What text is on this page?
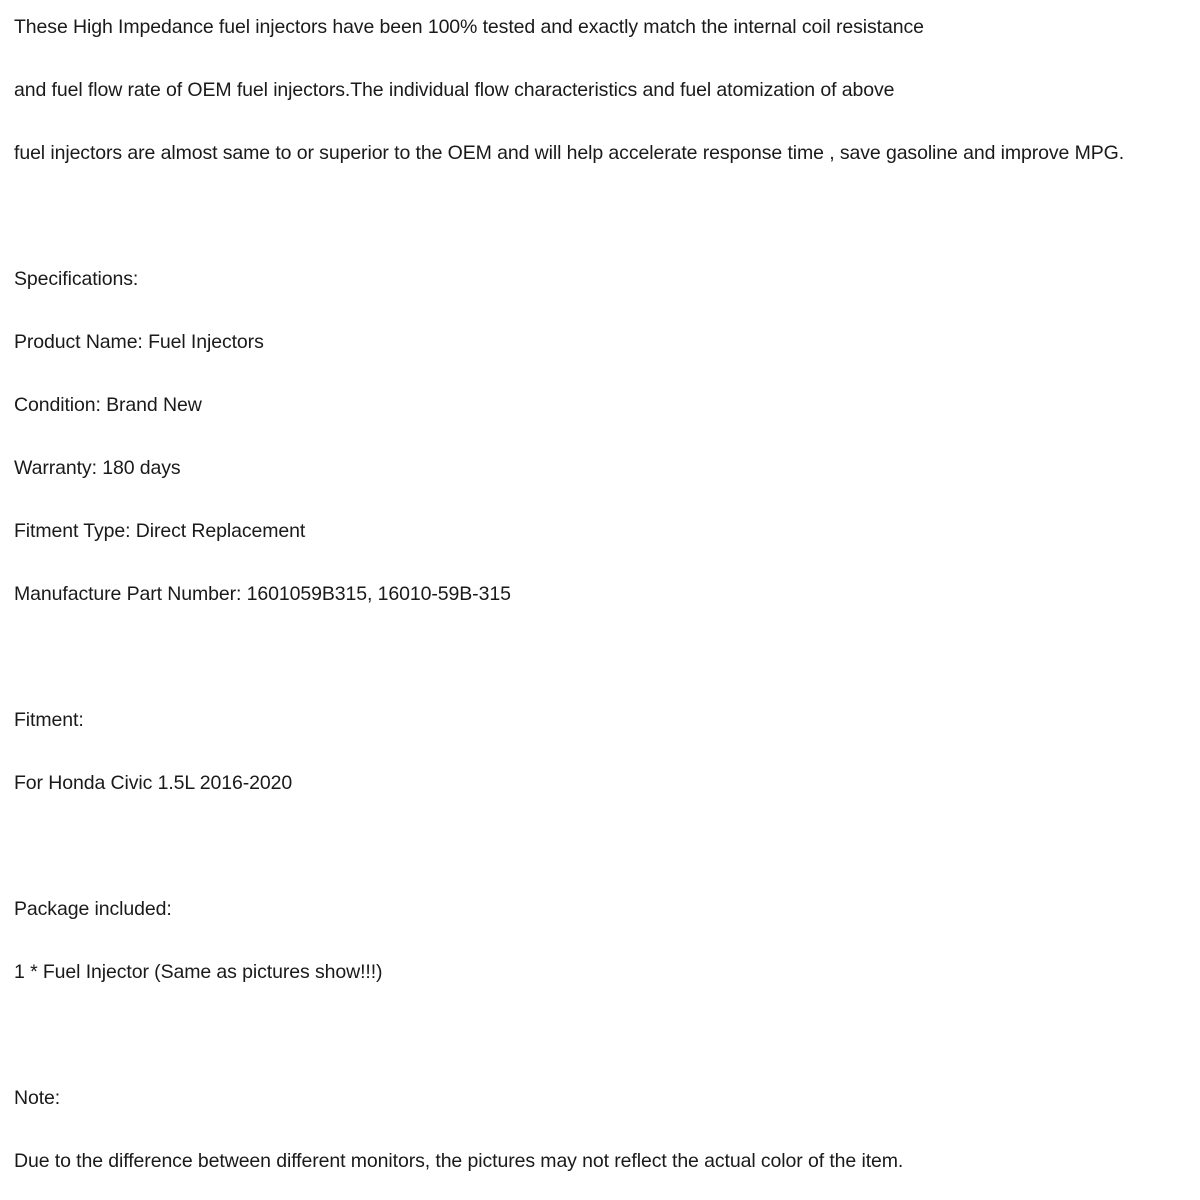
These High Impedance fuel injectors have been 100% tested and exactly match the internal coil resistance
and fuel flow rate of OEM fuel injectors.The individual flow characteristics and fuel atomization of above
fuel injectors are almost same to or superior to the OEM and will help accelerate response time , save gasoline and improve MPG.
Specifications:
Product Name: Fuel Injectors
Condition: Brand New
Warranty: 180 days
Fitment Type: Direct Replacement
Manufacture Part Number: 1601059B315, 16010-59B-315
Fitment:
For Honda Civic 1.5L 2016-2020
Package included:
1 * Fuel Injector (Same as pictures show!!!)
Note:
Due to the difference between different monitors, the pictures may not reflect the actual color of the item.
